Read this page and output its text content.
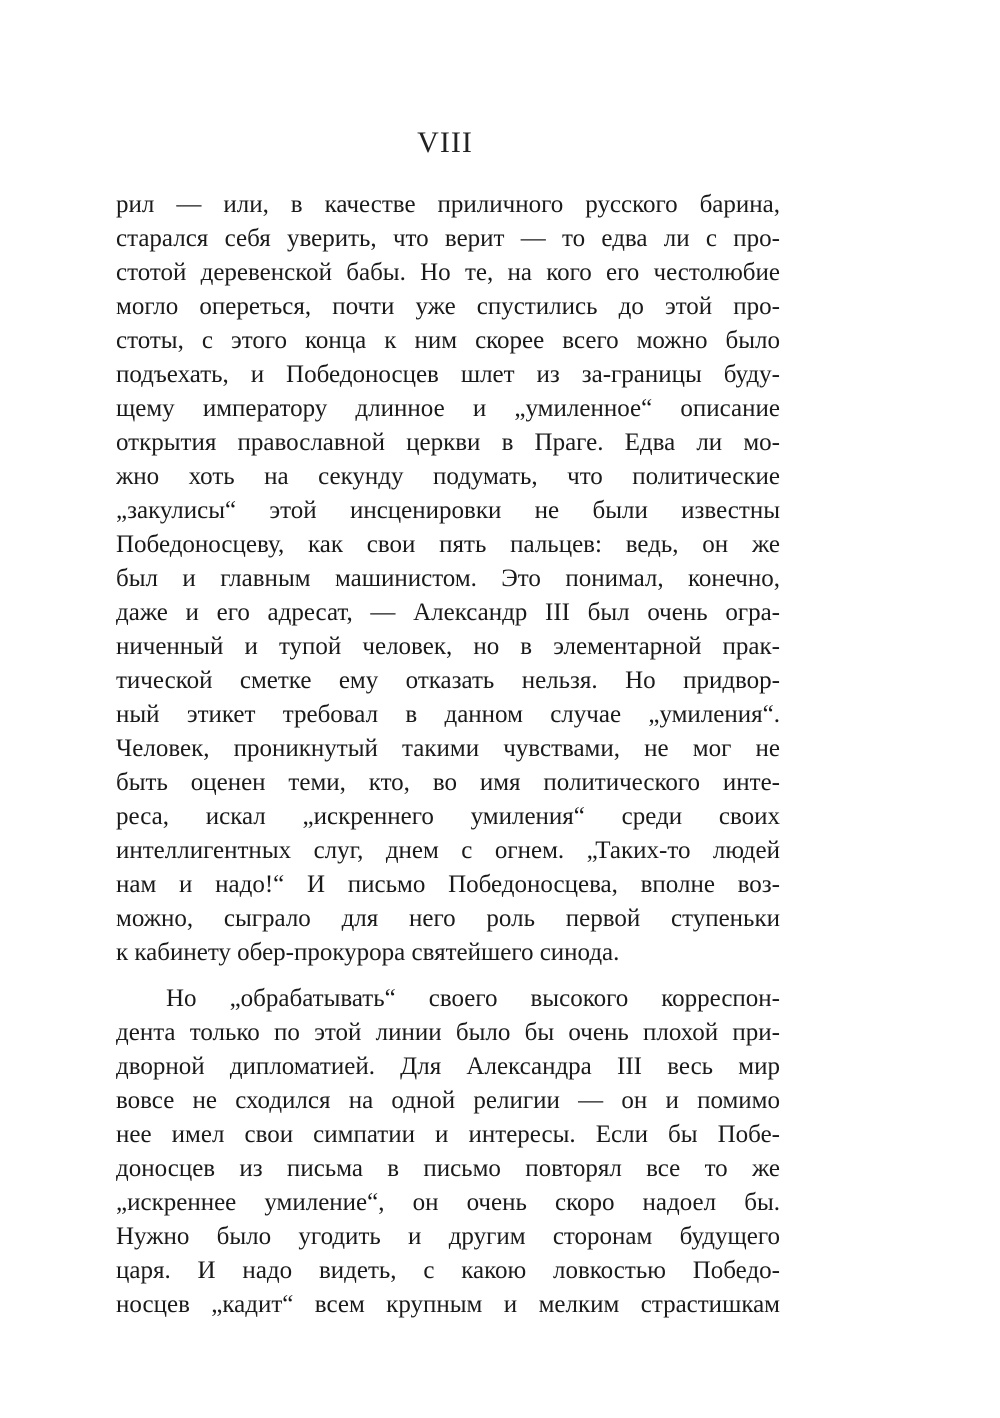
VIII
рил — или, в качестве приличного русского барина,
старался себя уверить, что верит — то едва ли с про-
стотой деревенской бабы. Но те, на кого его честолюбие
могло опереться, почти уже спустились до этой про-
стоты, с этого конца к ним скорее всего можно было
подъехать, и Победоносцев шлет из за-границы буду-
щему императору длинное и „умиленное“ описание
открытия православной церкви в Праге. Едва ли мо-
жно хоть на секунду подумать, что политические
„закулисы“ этой инсценировки не были известны
Победоносцеву, как свои пять пальцев: ведь, он же
был и главным машинистом. Это понимал, конечно,
даже и его адресат, — Александр III был очень огра-
ниченный и тупой человек, но в элементарной прак-
тической сметке ему отказать нельзя. Но придвор-
ный этикет требовал в данном случае „умиления“.
Человек, проникнутый такими чувствами, не мог не
быть оценен теми, кто, во имя политического инте-
реса, искал „искреннего умиления“ среди своих
интеллигентных слуг, днем с огнем. „Таких-то людей
нам и надо!“ И письмо Победоносцева, вполне воз-
можно, сыграло для него роль первой ступеньки
к кабинету обер-прокурора святейшего синода.
Но „обрабатывать“ своего высокого корреспон-
дента только по этой линии было бы очень плохой при-
дворной дипломатией. Для Александра III весь мир
вовсе не сходился на одной религии — он и помимо
нее имел свои симпатии и интересы. Если бы Побе-
доносцев из письма в письмо повторял все то же
„искреннее умиление“, он очень скоро надоел бы.
Нужно было угодить и другим сторонам будущего
царя. И надо видеть, с какою ловкостью Победо-
носцев „кадит“ всем крупным и мелким страстишкам
